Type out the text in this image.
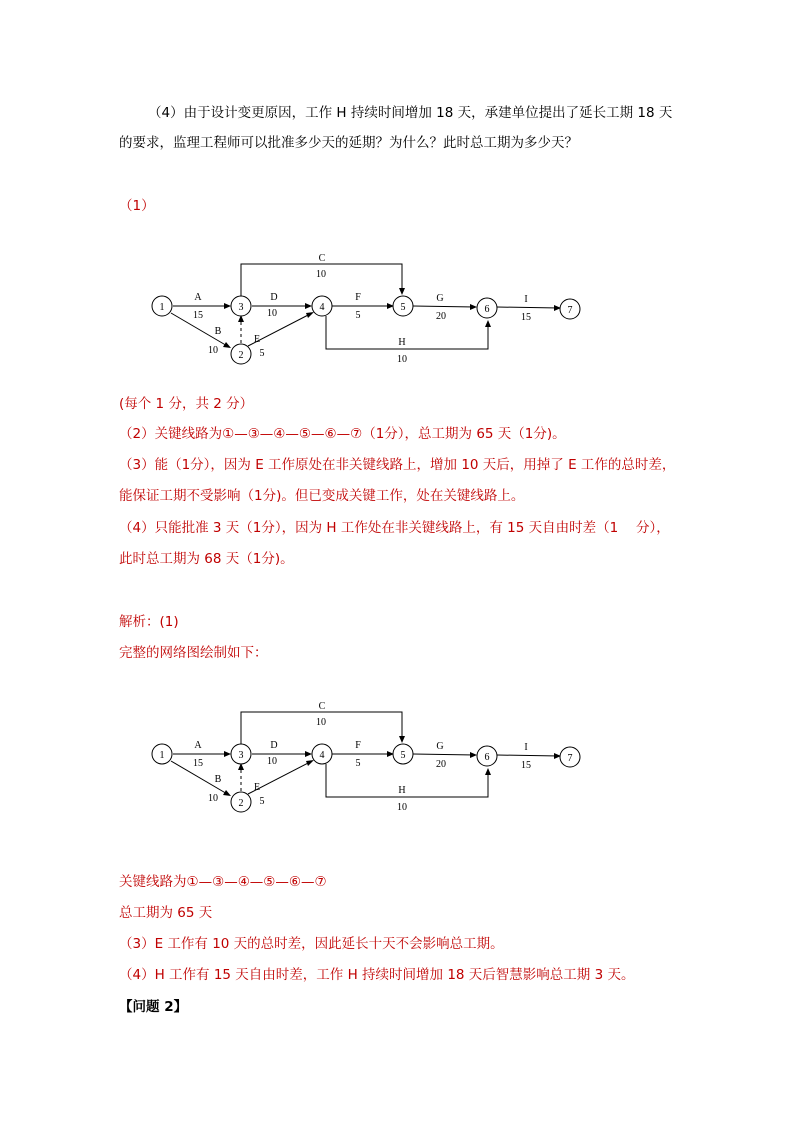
（4）由于设计变更原因，工作 H 持续时间增加 18 天，承建单位提出了延长工期 18 天
的要求，监理工程师可以批准多少天的延期？为什么？此时总工期为多少天？
（1）
1
2
3	4	5	6	7
A
15
B
10
C
10
D
10
E
5
F
5
G
20
H
10
I
15
(每个 1 分，共 2 分）
（2）关键线路为①—③—④—⑤—⑥—⑦（1分），总工期为 65 天（1分)。
（3）能（1分），因为 E 工作原处在非关键线路上，增加 10 天后，用掉了 E 工作的总时差，
能保证工期不受影响（1分)。但已变成关键工作，处在关键线路上。
（4）只能批准 3 天（1分），因为 H 工作处在非关键线路上，有 15 天自由时差（1　 分），
此时总工期为 68 天（1分)。
解析：(1)
完整的网络图绘制如下：
1
2
3	4	5	6	7
A
15
B
10
C
10
D
10
E
5
F
5
G
20
H
10
I
15
关键线路为①—③—④—⑤—⑥—⑦
总工期为 65 天
（3）E 工作有 10 天的总时差，因此延长十天不会影响总工期。
（4）H 工作有 15 天自由时差，工作 H 持续时间增加 18 天后智慧影响总工期 3 天。
【问题 2】
